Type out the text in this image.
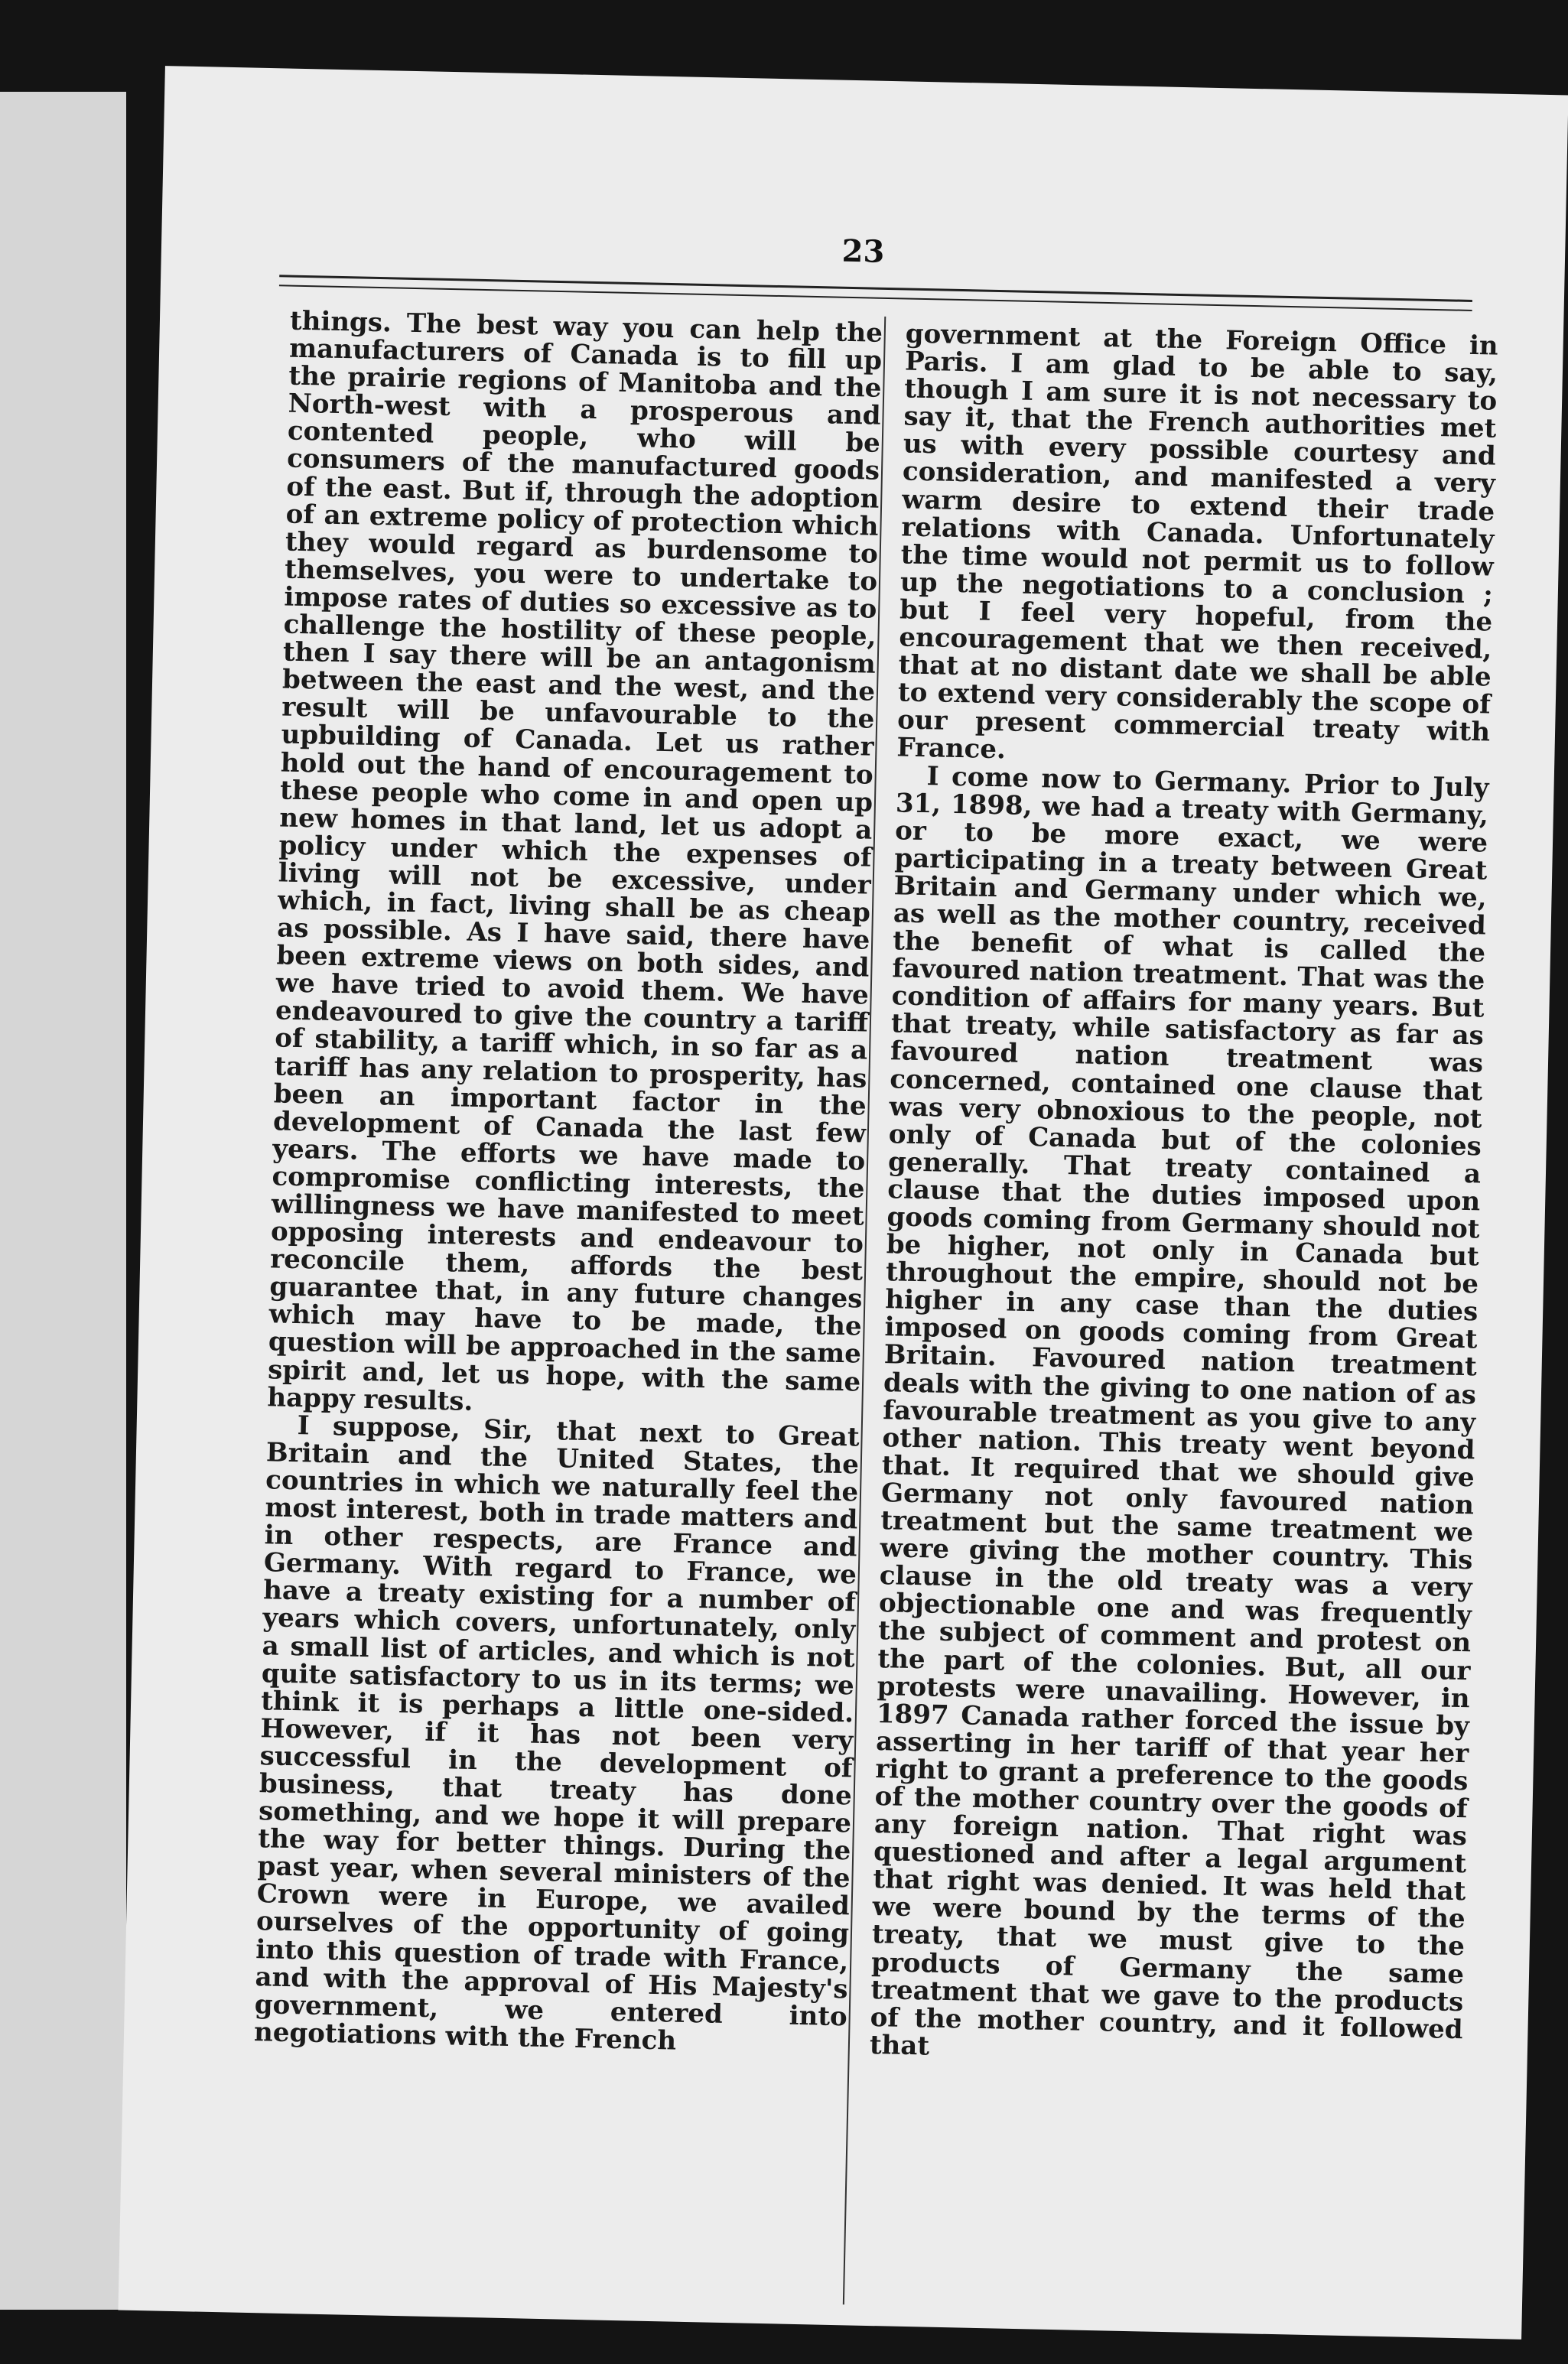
23

things. The best way you can help the manufacturers of Canada is to fill up the prairie regions of Manitoba and the North-west with a prosperous and contented people, who will be consumers of the manufactured goods of the east. But if, through the adoption of an extreme policy of protection which they would regard as burdensome to themselves, you were to undertake to impose rates of duties so excessive as to challenge the hostility of these people, then I say there will be an antagonism between the east and the west, and the result will be unfavourable to the upbuilding of Canada. Let us rather hold out the hand of encouragement to these people who come in and open up new homes in that land, let us adopt a policy under which the expenses of living will not be excessive, under which, in fact, living shall be as cheap as possible. As I have said, there have been extreme views on both sides, and we have tried to avoid them. We have endeavoured to give the country a tariff of stability, a tariff which, in so far as a tariff has any relation to prosperity, has been an important factor in the development of Canada the last few years. The efforts we have made to compromise conflicting interests, the willingness we have manifested to meet opposing interests and endeavour to reconcile them, affords the best guarantee that, in any future changes which may have to be made, the question will be approached in the same spirit and, let us hope, with the same happy results.

I suppose, Sir, that next to Great Britain and the United States, the countries in which we naturally feel the most interest, both in trade matters and in other respects, are France and Germany. With regard to France, we have a treaty existing for a number of years which covers, unfortunately, only a small list of articles, and which is not quite satisfactory to us in its terms; we think it is perhaps a little one-sided. However, if it has not been very successful in the development of business, that treaty has done something, and we hope it will prepare the way for better things. During the past year, when several ministers of the Crown were in Europe, we availed ourselves of the opportunity of going into this question of trade with France, and with the approval of His Majesty's government, we entered into negotiations with the French

government at the Foreign Office in Paris. I am glad to be able to say, though I am sure it is not necessary to say it, that the French authorities met us with every possible courtesy and consideration, and manifested a very warm desire to extend their trade relations with Canada. Unfortunately the time would not permit us to follow up the negotiations to a conclusion ; but I feel very hopeful, from the encouragement that we then received, that at no distant date we shall be able to extend very considerably the scope of our present commercial treaty with France.

I come now to Germany. Prior to July 31, 1898, we had a treaty with Germany, or to be more exact, we were participating in a treaty between Great Britain and Germany under which we, as well as the mother country, received the benefit of what is called the favoured nation treatment. That was the condition of affairs for many years. But that treaty, while satisfactory as far as favoured nation treatment was concerned, contained one clause that was very obnoxious to the people, not only of Canada but of the colonies generally. That treaty contained a clause that the duties imposed upon goods coming from Germany should not be higher, not only in Canada but throughout the empire, should not be higher in any case than the duties imposed on goods coming from Great Britain. Favoured nation treatment deals with the giving to one nation of as favourable treatment as you give to any other nation. This treaty went beyond that. It required that we should give Germany not only favoured nation treatment but the same treatment we were giving the mother country. This clause in the old treaty was a very objectionable one and was frequently the subject of comment and protest on the part of the colonies. But, all our protests were unavailing. However, in 1897 Canada rather forced the issue by asserting in her tariff of that year her right to grant a preference to the goods of the mother country over the goods of any foreign nation. That right was questioned and after a legal argument that right was denied. It was held that we were bound by the terms of the treaty, that we must give to the products of Germany the same treatment that we gave to the products of the mother country, and it followed that
